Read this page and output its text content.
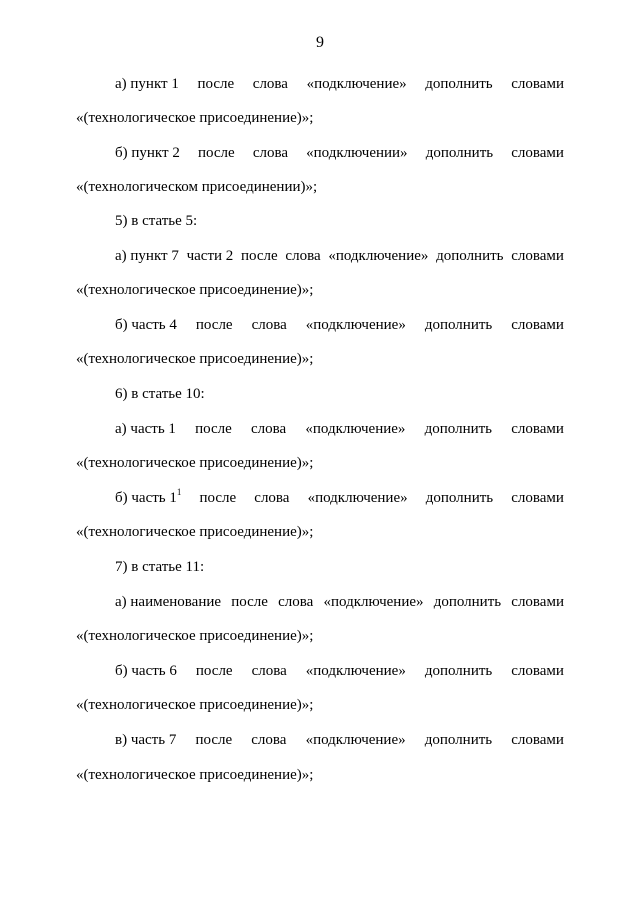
9
а) пункт 1 после слова «подключение» дополнить словами
«(технологическое присоединение)»;
б) пункт 2 после слова «подключении» дополнить словами
«(технологическом присоединении)»;
5) в статье 5:
а) пункт 7 части 2 после слова «подключение» дополнить словами
«(технологическое присоединение)»;
б) часть 4 после слова «подключение» дополнить словами
«(технологическое присоединение)»;
6) в статье 10:
а) часть 1 после слова «подключение» дополнить словами
«(технологическое присоединение)»;
б) часть $1^1$ после слова «подключение» дополнить словами
«(технологическое присоединение)»;
7) в статье 11:
а) наименование после слова «подключение» дополнить словами
«(технологическое присоединение)»;
б) часть 6 после слова «подключение» дополнить словами
«(технологическое присоединение)»;
в) часть 7 после слова «подключение» дополнить словами
«(технологическое присоединение)»;
